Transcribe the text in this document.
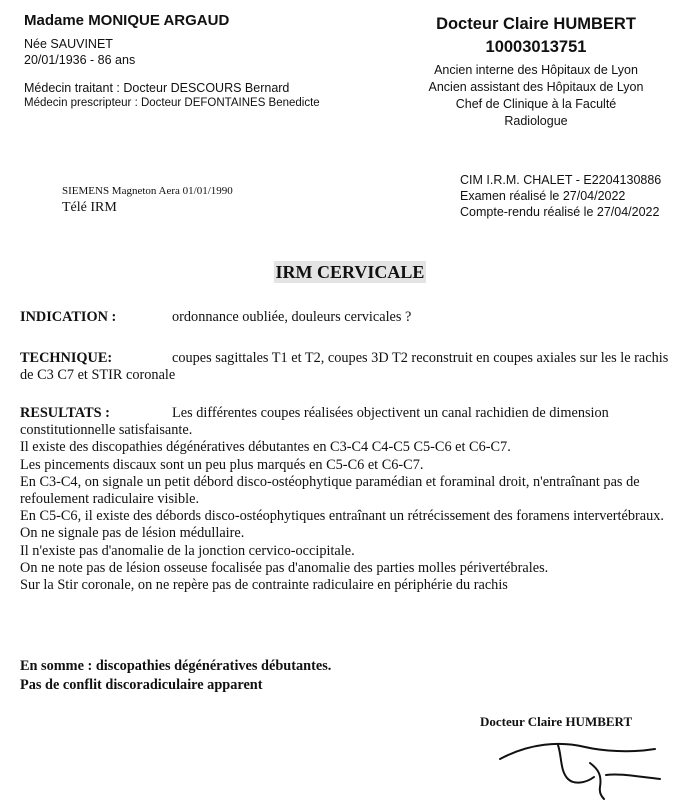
Madame MONIQUE ARGAUD
Née SAUVINET
20/01/1936 - 86 ans
Médecin traitant : Docteur DESCOURS Bernard
Médecin prescripteur : Docteur DEFONTAINES Benedicte
Docteur Claire HUMBERT
10003013751
Ancien interne des Hôpitaux de Lyon
Ancien assistant des Hôpitaux de Lyon
Chef de Clinique à la Faculté
Radiologue
SIEMENS Magneton Aera 01/01/1990
Télé IRM
CIM I.R.M. CHALET - E2204130886
Examen réalisé le 27/04/2022
Compte-rendu réalisé le 27/04/2022
IRM CERVICALE
INDICATION :	ordonnance oubliée, douleurs cervicales ?
TECHNIQUE:	coupes sagittales T1 et T2, coupes 3D T2 reconstruit en coupes axiales sur les le rachis de C3 C7 et STIR coronale
RESULTATS :	Les différentes coupes réalisées objectivent un canal rachidien de dimension constitutionnelle satisfaisante.

Il existe des discopathies dégénératives débutantes en C3-C4 C4-C5 C5-C6 et C6-C7.

Les pincements discaux sont un peu plus marqués en C5-C6 et C6-C7.

En C3-C4, on signale un petit débord disco-ostéophytique paramédian et foraminal droit, n'entraînant pas de refoulement radiculaire visible.

En C5-C6, il existe des débords disco-ostéophytiques entraînant un rétrécissement des foramens intervertébraux.

On ne signale pas de lésion médullaire.

Il n'existe pas d'anomalie de la jonction cervico-occipitale.

On ne note pas de lésion osseuse focalisée pas d'anomalie des parties molles périvertébrales.

Sur la Stir coronale, on ne repère pas de contrainte radiculaire en périphérie du rachis

En somme : discopathies dégénératives débutantes.
Pas de conflit discoradiculaire apparent
Docteur Claire HUMBERT
